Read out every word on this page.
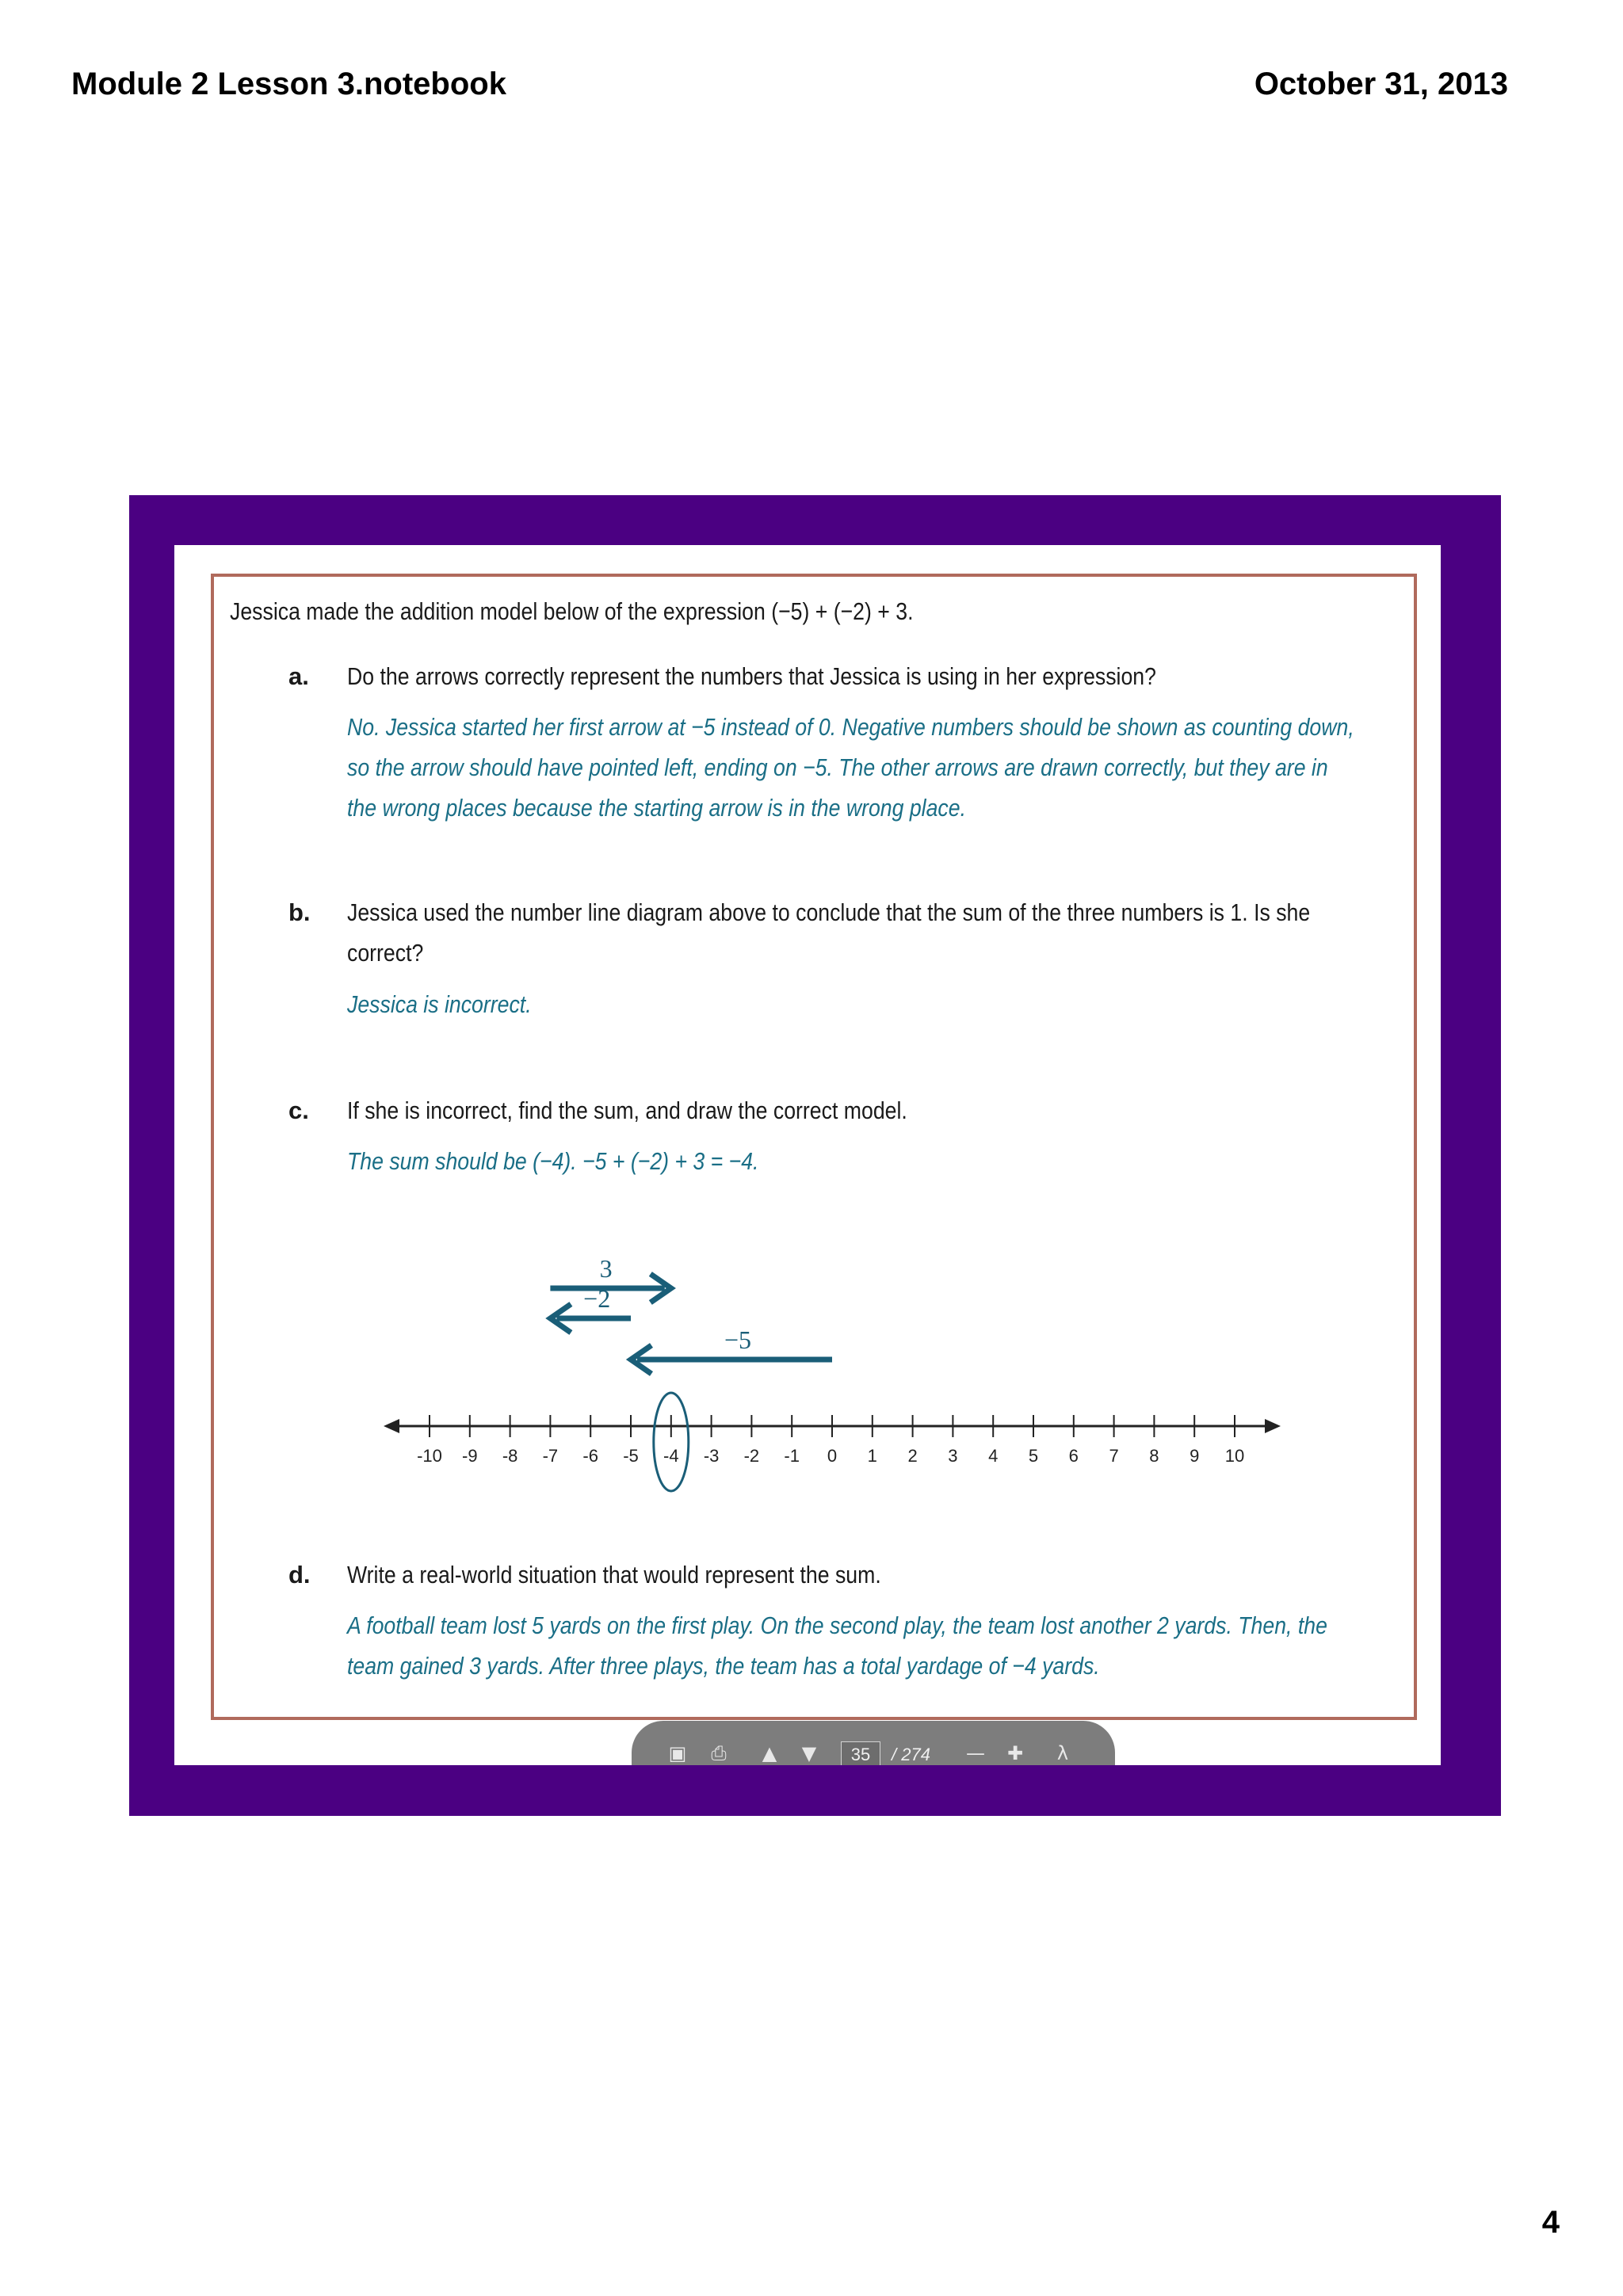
Module 2 Lesson 3.notebook	October 31, 2013
Jessica made the addition model below of the expression (−5) + (−2) + 3.
a. Do the arrows correctly represent the numbers that Jessica is using in her expression?
No. Jessica started her first arrow at −5 instead of 0. Negative numbers should be shown as counting down,
so the arrow should have pointed left, ending on −5. The other arrows are drawn correctly, but they are in
the wrong places because the starting arrow is in the wrong place.
b. Jessica used the number line diagram above to conclude that the sum of the three numbers is 1. Is she
correct?
Jessica is incorrect.
c. If she is incorrect, find the sum, and draw the correct model.
The sum should be (−4). −5 + (−2) + 3 = −4.
−5
−2
3
-10 -9 -8 -7 -6 -5 -4 -3 -2 -1 0 1 2 3 4 5 6 7 8 9 10
d. Write a real-world situation that would represent the sum.
A football team lost 5 yards on the first play. On the second play, the team lost another 2 yards. Then, the
team gained 3 yards. After three plays, the team has a total yardage of −4 yards.
▣ ⎙ ▲ ▼	35	/ 274 — ✚ λ
4
